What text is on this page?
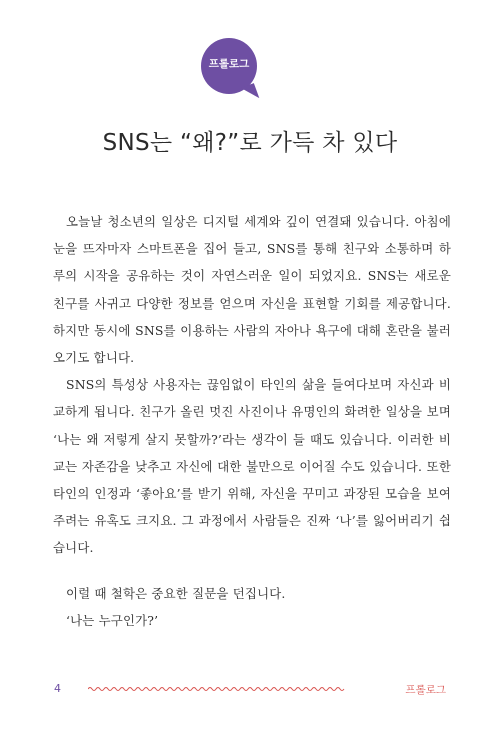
프롤로그
SNS는 “왜?”로 가득 차 있다

오늘날 청소년의 일상은 디지털 세계와 깊이 연결돼 있습니다. 아침에 눈을 뜨자마자 스마트폰을 집어 들고, SNS를 통해 친구와 소통하며 하루의 시작을 공유하는 것이 자연스러운 일이 되었지요. SNS는 새로운 친구를 사귀고 다양한 정보를 얻으며 자신을 표현할 기회를 제공합니다. 하지만 동시에 SNS를 이용하는 사람의 자아나 욕구에 대해 혼란을 불러오기도 합니다.

SNS의 특성상 사용자는 끊임없이 타인의 삶을 들여다보며 자신과 비교하게 됩니다. 친구가 올린 멋진 사진이나 유명인의 화려한 일상을 보며 ‘나는 왜 저렇게 살지 못할까?’라는 생각이 들 때도 있습니다. 이러한 비교는 자존감을 낮추고 자신에 대한 불만으로 이어질 수도 있습니다. 또한 타인의 인정과 ‘좋아요’를 받기 위해, 자신을 꾸미고 과장된 모습을 보여 주려는 유혹도 크지요. 그 과정에서 사람들은 진짜 ‘나’를 잃어버리기 쉽습니다.

이럴 때 철학은 중요한 질문을 던집니다.
‘나는 누구인가?’
4	프롤로그
